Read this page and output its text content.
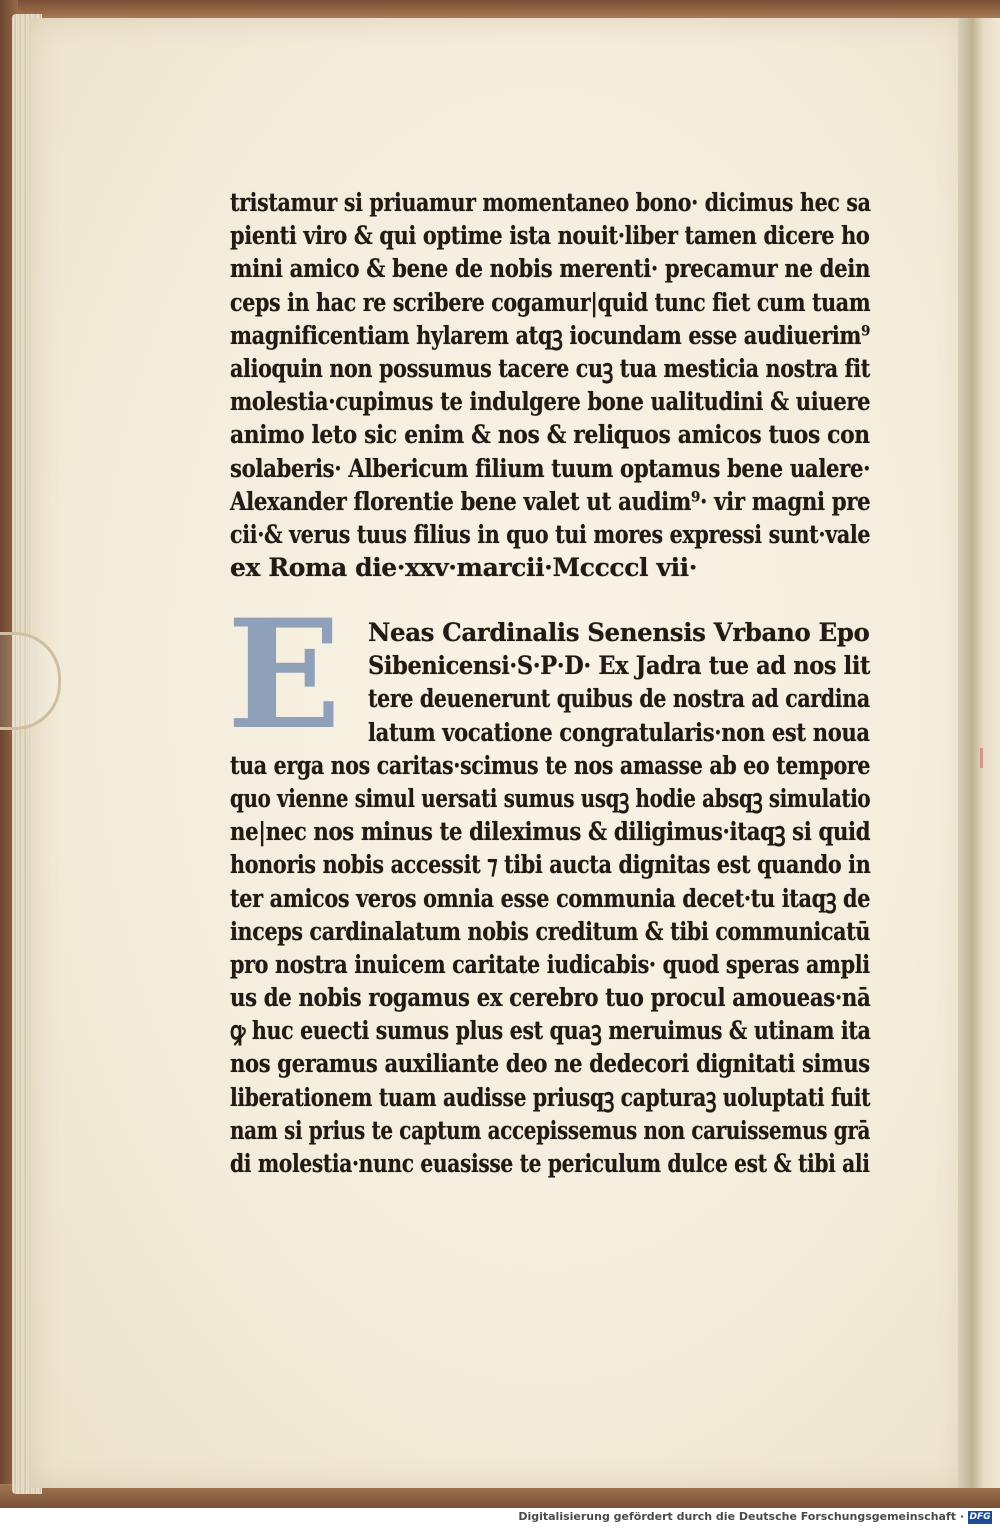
tristamur si priuamur momentaneo bono· dicimus hec sa
pienti viro & qui optime ista nouit·liber tamen dicere ho
mini amico & bene de nobis merenti· precamur ne dein
ceps in hac re scribere cogamur|quid tunc fiet cum tuam
magnificentiam hylarem atqꝫ iocundam esse audiuerim⁹
alioquin non possumus tacere cuꝫ tua mesticia nostra fit
molestia·cupimus te indulgere bone ualitudini & uiuere
animo leto sic enim & nos & reliquos amicos tuos con
solaberis· Albericum filium tuum optamus bene ualere·
Alexander florentie bene valet ut audim⁹· vir magni pre
cii·& verus tuus filius in quo tui mores expressi sunt·vale
ex Roma die·xxv·marcii·Mccccl vii·
E	Neas Cardinalis Senensis Vrbano Epo
Sibenicensi·S·P·D· Ex Jadra tue ad nos lit
tere deuenerunt quibus de nostra ad cardina
latum vocatione congratularis·non est noua
tua erga nos caritas·scimus te nos amasse ab eo tempore
quo vienne simul uersati sumus usqꝫ hodie absqꝫ simulatio
ne|nec nos minus te dileximus & diligimus·itaqꝫ si quid
honoris nobis accessit ⁊ tibi aucta dignitas est quando in
ter amicos veros omnia esse communia decet·tu itaqꝫ de
inceps cardinalatum nobis creditum & tibi communicatū
pro nostra inuicem caritate iudicabis· quod speras ampli
us de nobis rogamus ex cerebro tuo procul amoueas·nā
ꝙ huc euecti sumus plus est quaꝫ meruimus & utinam ita
nos geramus auxiliante deo ne dedecori dignitati simus
liberationem tuam audisse priusqꝫ capturaꝫ uoluptati fuit
nam si prius te captum accepissemus non caruissemus grā
di molestia·nunc euasisse te periculum dulce est & tibi ali
Digitalisierung gefördert durch die Deutsche Forschungsgemeinschaft · DFG
